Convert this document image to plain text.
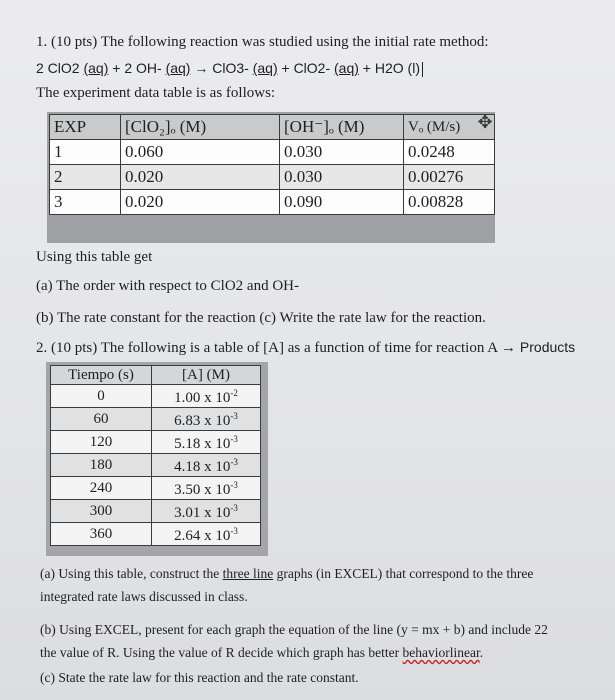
1. (10 pts) The following reaction was studied using the initial rate method:
2 ClO2 (aq) + 2 OH- (aq) → ClO3- (aq) + ClO2- (aq) + H2O (l)
The experiment data table is as follows:
EXP	[ClO₂]ₒ (M)	[OH⁻]ₒ (M)	Vₒ (M/s)
1	0.060	0.030	0.0248
2	0.020	0.030	0.00276
3	0.020	0.090	0.00828
✥
Using this table get
(a) The order with respect to ClO2 and OH-
(b) The rate constant for the reaction (c) Write the rate law for the reaction.
2. (10 pts) The following is a table of [A] as a function of time for reaction A → Products
Tiempo (s)	[A] (M)
0	1.00 x $10^{-2}$
60	6.83 x $10^{-3}$
120	5.18 x $10^{-3}$
180	4.18 x $10^{-3}$
240	3.50 x $10^{-3}$
300	3.01 x $10^{-3}$
360	2.64 x $10^{-3}$
(a) Using this table, construct the three line graphs (in EXCEL) that correspond to the three
integrated rate laws discussed in class.
(b) Using EXCEL, present for each graph the equation of the line (y = mx + b) and include 22
the value of R. Using the value of R decide which graph has better behaviorlinear.
(c) State the rate law for this reaction and the rate constant.
